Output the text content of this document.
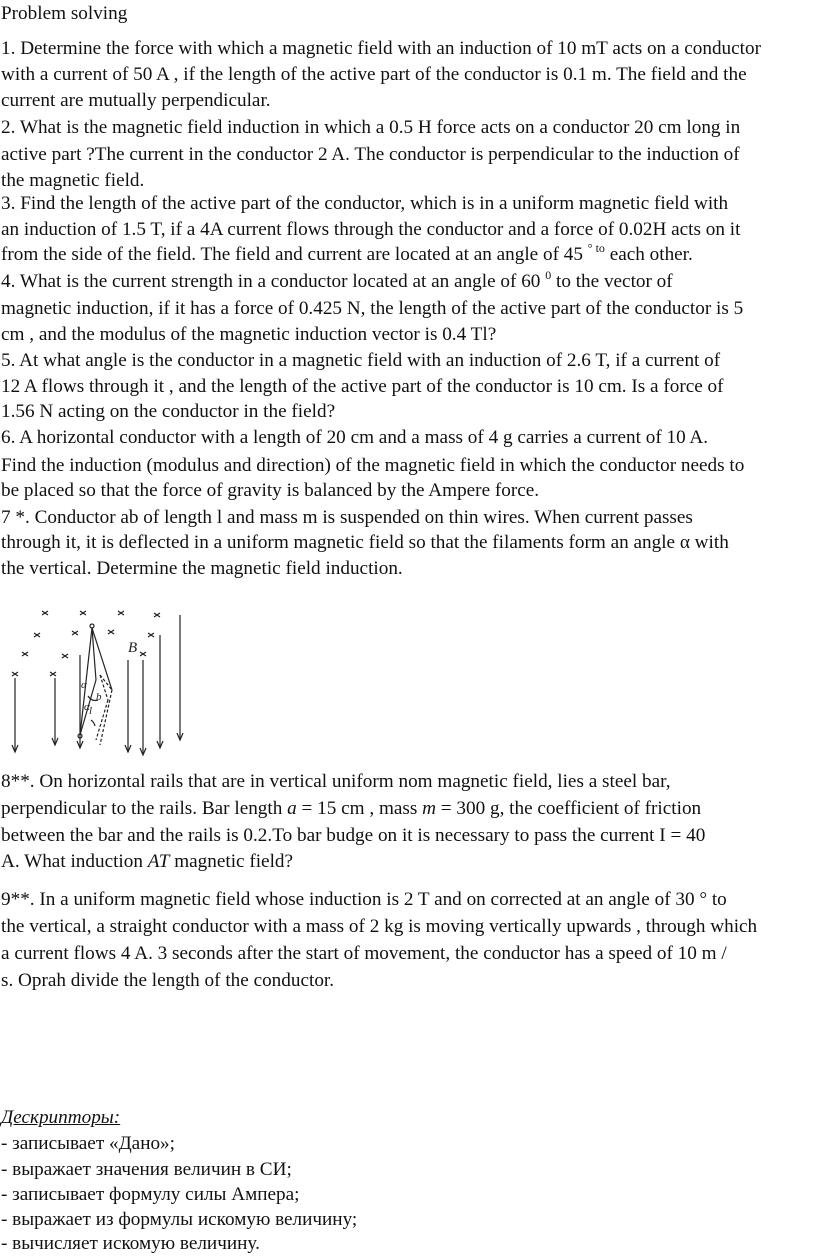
Problem solving
1. Determine the force with which a magnetic field with an induction of 10 mT acts on a conductor
with a current of 50 A , if the length of the active part of the conductor is 0.1 m. The field and the
current are mutually perpendicular.
2. What is the magnetic field induction in which a 0.5 H force acts on a conductor 20 cm long in
active part ?The current in the conductor 2 A. The conductor is perpendicular to the induction of
the magnetic field.
3. Find the length of the active part of the conductor, which is in a uniform magnetic field with
an induction of 1.5 T, if a 4A current flows through the conductor and a force of 0.02H acts on it
from the side of the field. The field and current are located at an angle of 45 $^{^\circ to}$ each other.
4. What is the current strength in a conductor located at an angle of 60 $^0$ to the vector of
magnetic induction, if it has a force of 0.425 N, the length of the active part of the conductor is 5
cm , and the modulus of the magnetic induction vector is 0.4 Tl?
5. At what angle is the conductor in a magnetic field with an induction of 2.6 T, if a current of
12 A flows through it , and the length of the active part of the conductor is 10 cm. Is a force of
1.56 N acting on the conductor in the field?
6. A horizontal conductor with a length of 20 cm and a mass of 4 g carries a current of 10 A.
Find the induction (modulus and direction) of the magnetic field in which the conductor needs to
be placed so that the force of gravity is balanced by the Ampere force.
7 *. Conductor ab of length l and mass m is suspended on thin wires. When current passes
through it, it is deflected in a uniform magnetic field so that the filaments form an angle α with
the vertical. Determine the magnetic field induction.
B
α
α
b
l
8**. On horizontal rails that are in vertical uniform nom magnetic field, lies a steel bar,
perpendicular to the rails. Bar length a = 15 cm , mass m = 300 g, the coefficient of friction
between the bar and the rails is 0.2.To bar budge on it is necessary to pass the current I = 40
A. What induction AT magnetic field?
9**. In a uniform magnetic field whose induction is 2 T and on corrected at an angle of 30 ° to
the vertical, a straight conductor with a mass of 2 kg is moving vertically upwards , through which
a current flows 4 A. 3 seconds after the start of movement, the conductor has a speed of 10 m /
s. Oprah divide the length of the conductor.
Дескрипторы:
- записывает «Дано»;
- выражает значения величин в СИ;
- записывает формулу силы Ампера;
- выражает из формулы искомую величину;
- вычисляет искомую величину.
